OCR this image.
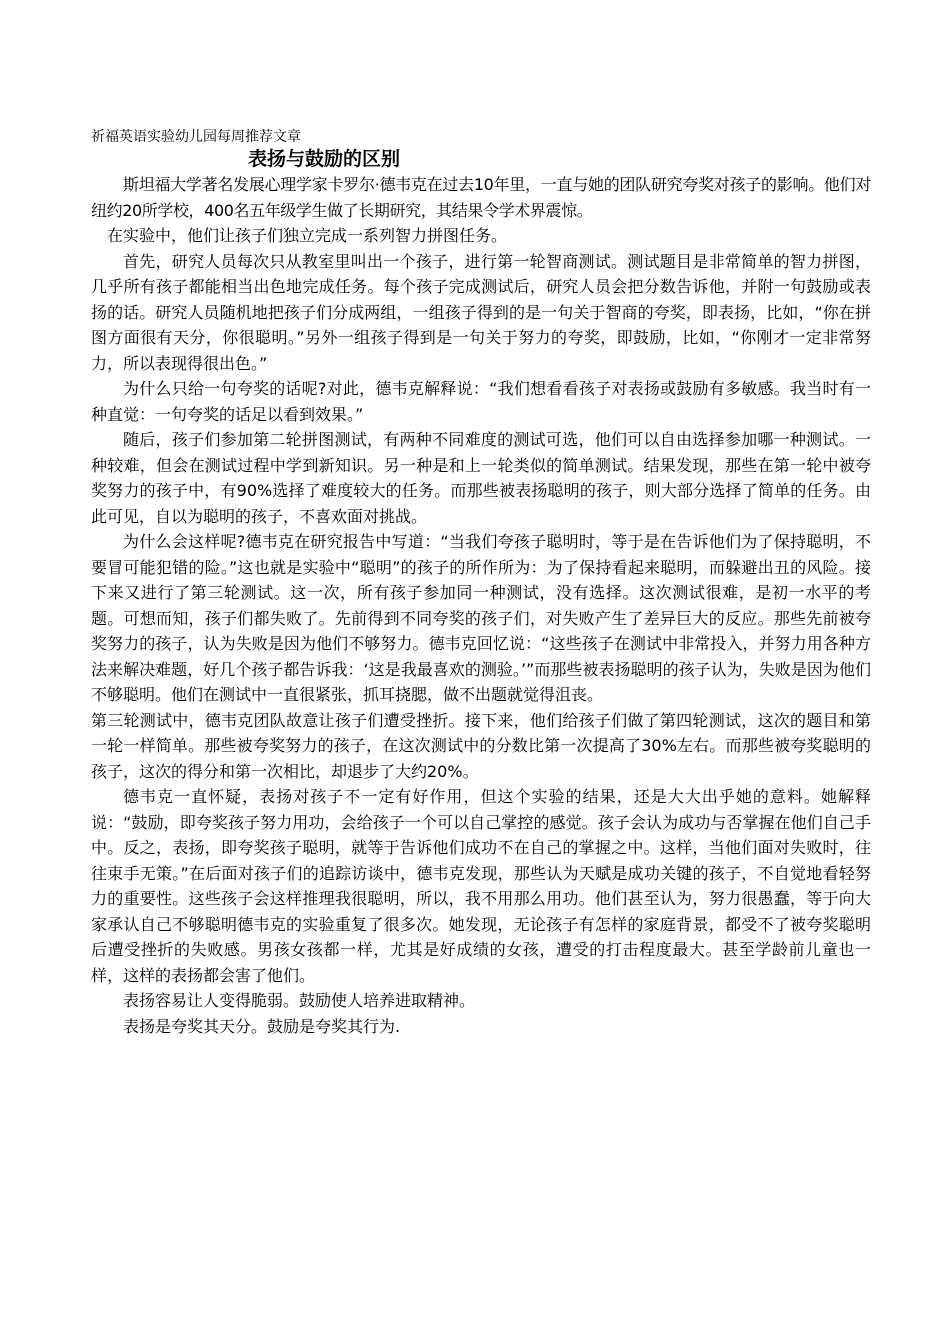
祈福英语实验幼儿园每周推荐文章

表扬与鼓励的区别

斯坦福大学著名发展心理学家卡罗尔·德韦克在过去10年里，一直与她的团队研究夸奖对孩子的影响。他们对纽约20所学校，400名五年级学生做了长期研究，其结果令学术界震惊。

在实验中，他们让孩子们独立完成一系列智力拼图任务。

首先，研究人员每次只从教室里叫出一个孩子，进行第一轮智商测试。测试题目是非常简单的智力拼图，几乎所有孩子都能相当出色地完成任务。每个孩子完成测试后，研究人员会把分数告诉他，并附一句鼓励或表扬的话。研究人员随机地把孩子们分成两组，一组孩子得到的是一句关于智商的夸奖，即表扬，比如，“你在拼图方面很有天分，你很聪明。”另外一组孩子得到是一句关于努力的夸奖，即鼓励，比如，“你刚才一定非常努力，所以表现得很出色。”

为什么只给一句夸奖的话呢?对此，德韦克解释说：“我们想看看孩子对表扬或鼓励有多敏感。我当时有一种直觉：一句夸奖的话足以看到效果。”

随后，孩子们参加第二轮拼图测试，有两种不同难度的测试可选，他们可以自由选择参加哪一种测试。一种较难，但会在测试过程中学到新知识。另一种是和上一轮类似的简单测试。结果发现，那些在第一轮中被夸奖努力的孩子中，有90%选择了难度较大的任务。而那些被表扬聪明的孩子，则大部分选择了简单的任务。由此可见，自以为聪明的孩子，不喜欢面对挑战。

为什么会这样呢?德韦克在研究报告中写道：“当我们夸孩子聪明时，等于是在告诉他们为了保持聪明，不要冒可能犯错的险。”这也就是实验中“聪明”的孩子的所作所为：为了保持看起来聪明，而躲避出丑的风险。接下来又进行了第三轮测试。这一次，所有孩子参加同一种测试，没有选择。这次测试很难，是初一水平的考题。可想而知，孩子们都失败了。先前得到不同夸奖的孩子们，对失败产生了差异巨大的反应。那些先前被夸奖努力的孩子，认为失败是因为他们不够努力。德韦克回忆说：“这些孩子在测试中非常投入，并努力用各种方法来解决难题，好几个孩子都告诉我：‘这是我最喜欢的测验。’”而那些被表扬聪明的孩子认为，失败是因为他们不够聪明。他们在测试中一直很紧张，抓耳挠腮，做不出题就觉得沮丧。

第三轮测试中，德韦克团队故意让孩子们遭受挫折。接下来，他们给孩子们做了第四轮测试，这次的题目和第一轮一样简单。那些被夸奖努力的孩子，在这次测试中的分数比第一次提高了30%左右。而那些被夸奖聪明的孩子，这次的得分和第一次相比，却退步了大约20%。

德韦克一直怀疑，表扬对孩子不一定有好作用，但这个实验的结果，还是大大出乎她的意料。她解释说：“鼓励，即夸奖孩子努力用功，会给孩子一个可以自己掌控的感觉。孩子会认为成功与否掌握在他们自己手中。反之，表扬，即夸奖孩子聪明，就等于告诉他们成功不在自己的掌握之中。这样，当他们面对失败时，往往束手无策。”在后面对孩子们的追踪访谈中，德韦克发现，那些认为天赋是成功关键的孩子，不自觉地看轻努力的重要性。这些孩子会这样推理我很聪明，所以，我不用那么用功。他们甚至认为，努力很愚蠢，等于向大家承认自己不够聪明德韦克的实验重复了很多次。她发现，无论孩子有怎样的家庭背景，都受不了被夸奖聪明后遭受挫折的失败感。男孩女孩都一样，尤其是好成绩的女孩，遭受的打击程度最大。甚至学龄前儿童也一样，这样的表扬都会害了他们。

表扬容易让人变得脆弱。鼓励使人培养进取精神。

表扬是夸奖其天分。鼓励是夸奖其行为.
